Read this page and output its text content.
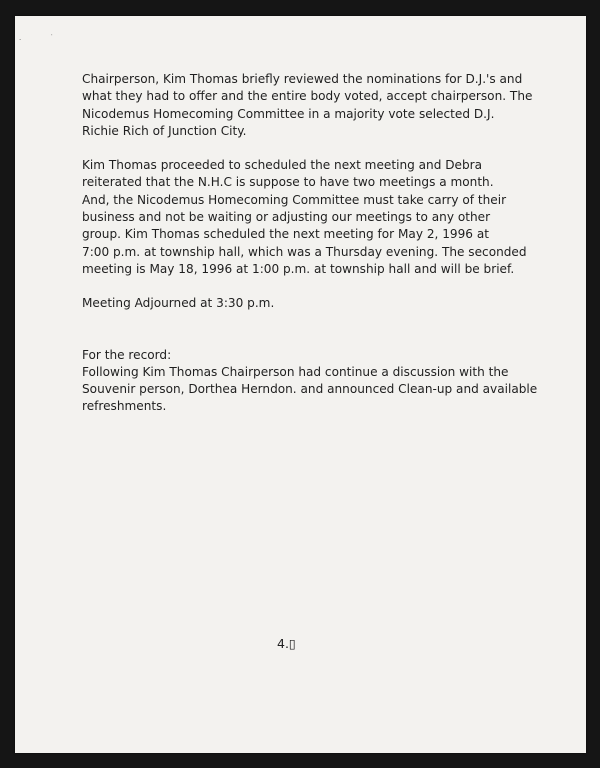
·	˙

Chairperson, Kim Thomas briefly reviewed the nominations for D.J.'s and
what they had to offer and the entire body voted, accept chairperson. The
Nicodemus Homecoming Committee in a majority vote selected D.J.
Richie Rich of Junction City.

Kim Thomas proceeded to scheduled the next meeting and Debra
reiterated that the N.H.C is suppose to have two meetings a month.
And, the Nicodemus Homecoming Committee must take carry of their
business and not be waiting or adjusting our meetings to any other
group. Kim Thomas scheduled the next meeting for May 2, 1996 at
7:00 p.m. at township hall, which was a Thursday evening. The seconded
meeting is May 18, 1996 at 1:00 p.m. at township hall and will be brief.

Meeting Adjourned at 3:30 p.m.

For the record:
Following Kim Thomas Chairperson had continue a discussion with the
Souvenir person, Dorthea Herndon. and announced Clean-up and available
refreshments.

4.▯
